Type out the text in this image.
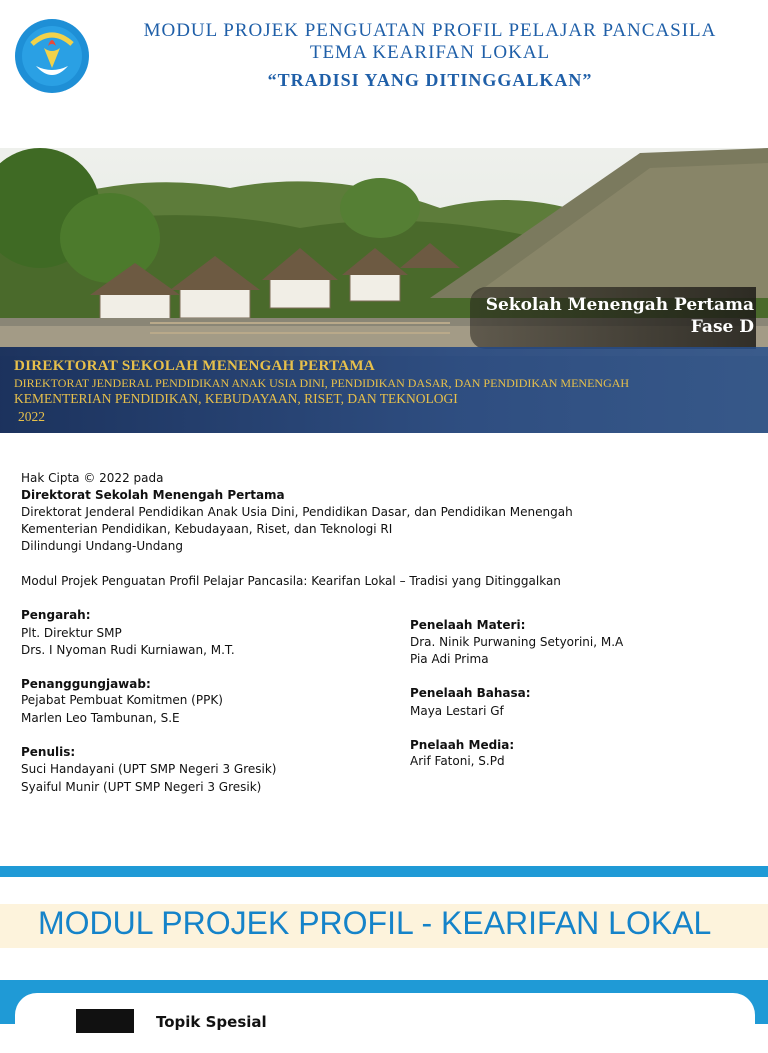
MODUL PROJEK PENGUATAN PROFIL PELAJAR PANCASILA
TEMA KEARIFAN LOKAL
“TRADISI YANG DITINGGALKAN”
Sekolah Menengah Pertama
Fase D
DIREKTORAT SEKOLAH MENENGAH PERTAMA
DIREKTORAT JENDERAL PENDIDIKAN ANAK USIA DINI, PENDIDIKAN DASAR, DAN PENDIDIKAN MENENGAH
KEMENTERIAN PENDIDIKAN, KEBUDAYAAN, RISET, DAN TEKNOLOGI
2022
Hak Cipta © 2022 pada
Direktorat Sekolah Menengah Pertama
Direktorat Jenderal Pendidikan Anak Usia Dini, Pendidikan Dasar, dan Pendidikan Menengah
Kementerian Pendidikan, Kebudayaan, Riset, dan Teknologi RI
Dilindungi Undang-Undang
Modul Projek Penguatan Profil Pelajar Pancasila: Kearifan Lokal – Tradisi yang Ditinggalkan
Pengarah:
Plt. Direktur SMP
Drs. I Nyoman Rudi Kurniawan, M.T.
Penanggungjawab:
Pejabat Pembuat Komitmen (PPK)
Marlen Leo Tambunan, S.E
Penulis:
Suci Handayani (UPT SMP Negeri 3 Gresik)
Syaiful Munir (UPT SMP Negeri 3 Gresik)
Penelaah Materi:
Dra. Ninik Purwaning Setyorini, M.A
Pia Adi Prima
Penelaah Bahasa:
Maya Lestari Gf
Pnelaah Media:
Arif Fatoni, S.Pd
MODUL PROJEK PROFIL - KEARIFAN LOKAL
Topik Spesial
